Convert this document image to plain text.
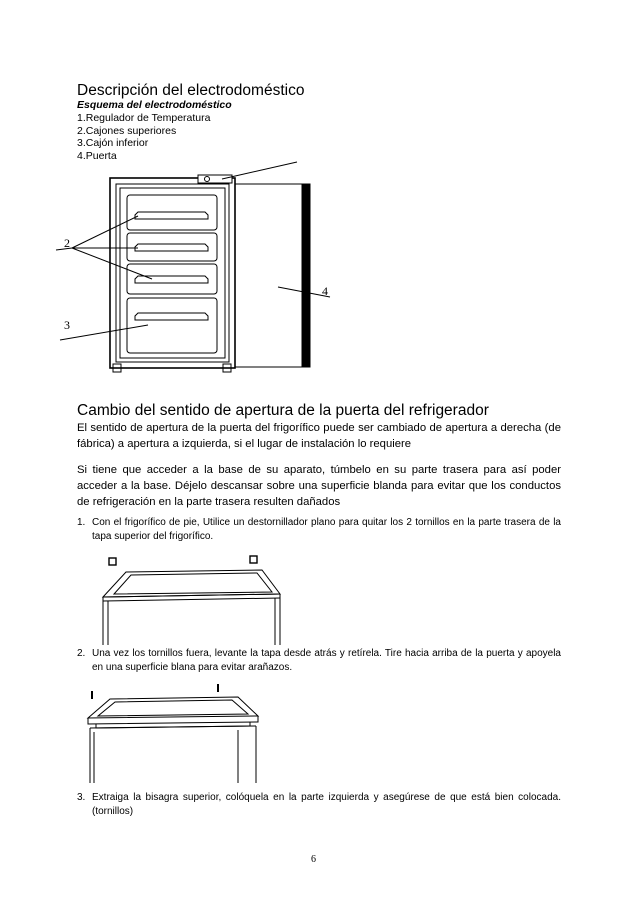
Descripción del electrodoméstico
Esquema del electrodoméstico
1.Regulador de Temperatura
2.Cajones superiores
3.Cajón inferior
4.Puerta
2
3
4
Cambio del sentido de apertura de la puerta del refrigerador
El sentido de apertura de la puerta del frigorífico puede ser cambiado de apertura a derecha (de fábrica) a apertura a izquierda, si el lugar de instalación lo requiere
Si tiene que acceder a la base de su aparato, túmbelo en su parte trasera para así poder acceder a la base. Déjelo descansar sobre una superficie blanda para evitar que los conductos de refrigeración en la parte trasera resulten dañados
1. Con el frigorífico de pie, Utilice un destornillador plano para quitar los 2 tornillos en la parte trasera de la tapa superior del frigorífico.
2. Una vez los tornillos fuera, levante la tapa desde atrás y retírela. Tire hacia arriba de la puerta y apoyela en una superficie blana para evitar arañazos.
3. Extraiga la bisagra superior, colóquela en la parte izquierda y asegúrese de que está bien colocada. (tornillos)
6
